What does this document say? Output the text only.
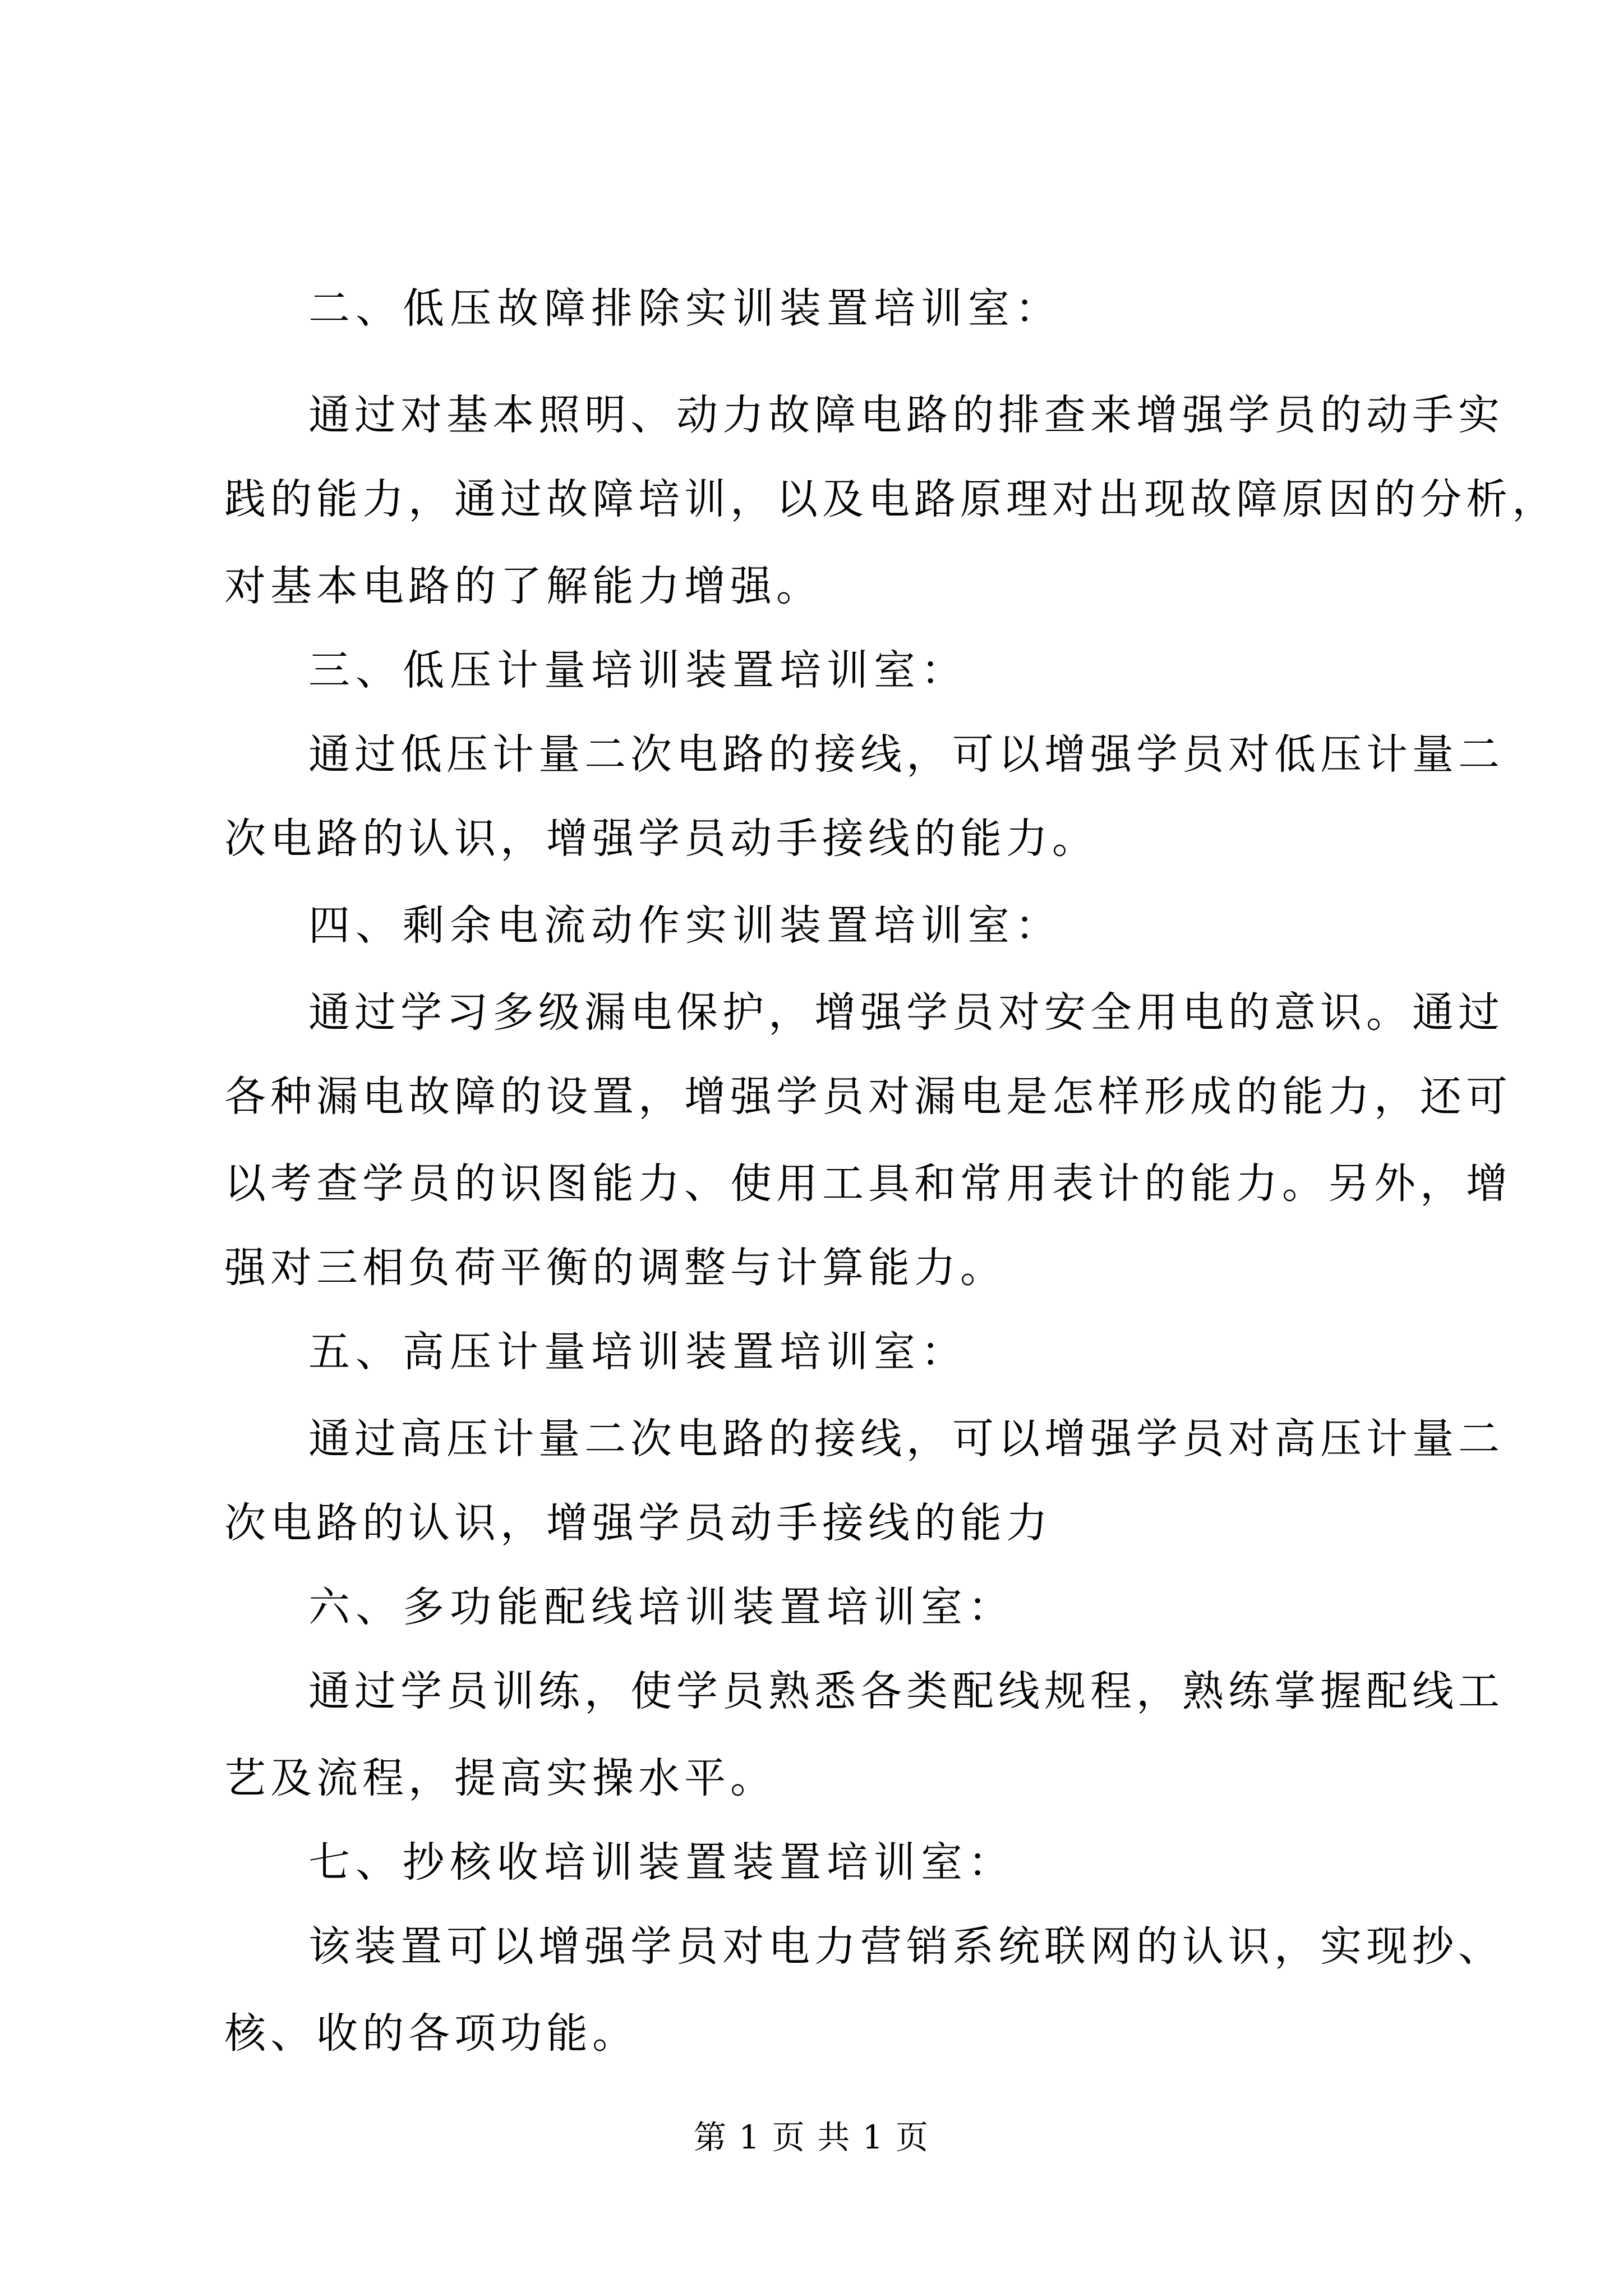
二、低压故障排除实训装置培训室：
通过对基本照明、动力故障电路的排查来增强学员的动手实
践的能力，通过故障培训，以及电路原理对出现故障原因的分析，
对基本电路的了解能力增强。
三、低压计量培训装置培训室：
通过低压计量二次电路的接线，可以增强学员对低压计量二
次电路的认识，增强学员动手接线的能力。
四、剩余电流动作实训装置培训室：
通过学习多级漏电保护，增强学员对安全用电的意识。通过
各种漏电故障的设置，增强学员对漏电是怎样形成的能力，还可
以考查学员的识图能力、使用工具和常用表计的能力。另外，增
强对三相负荷平衡的调整与计算能力。
五、高压计量培训装置培训室：
通过高压计量二次电路的接线，可以增强学员对高压计量二
次电路的认识，增强学员动手接线的能力
六、多功能配线培训装置培训室：
通过学员训练，使学员熟悉各类配线规程，熟练掌握配线工
艺及流程，提高实操水平。
七、抄核收培训装置装置培训室：
该装置可以增强学员对电力营销系统联网的认识，实现抄、
核、收的各项功能。
第 1 页 共 1 页
